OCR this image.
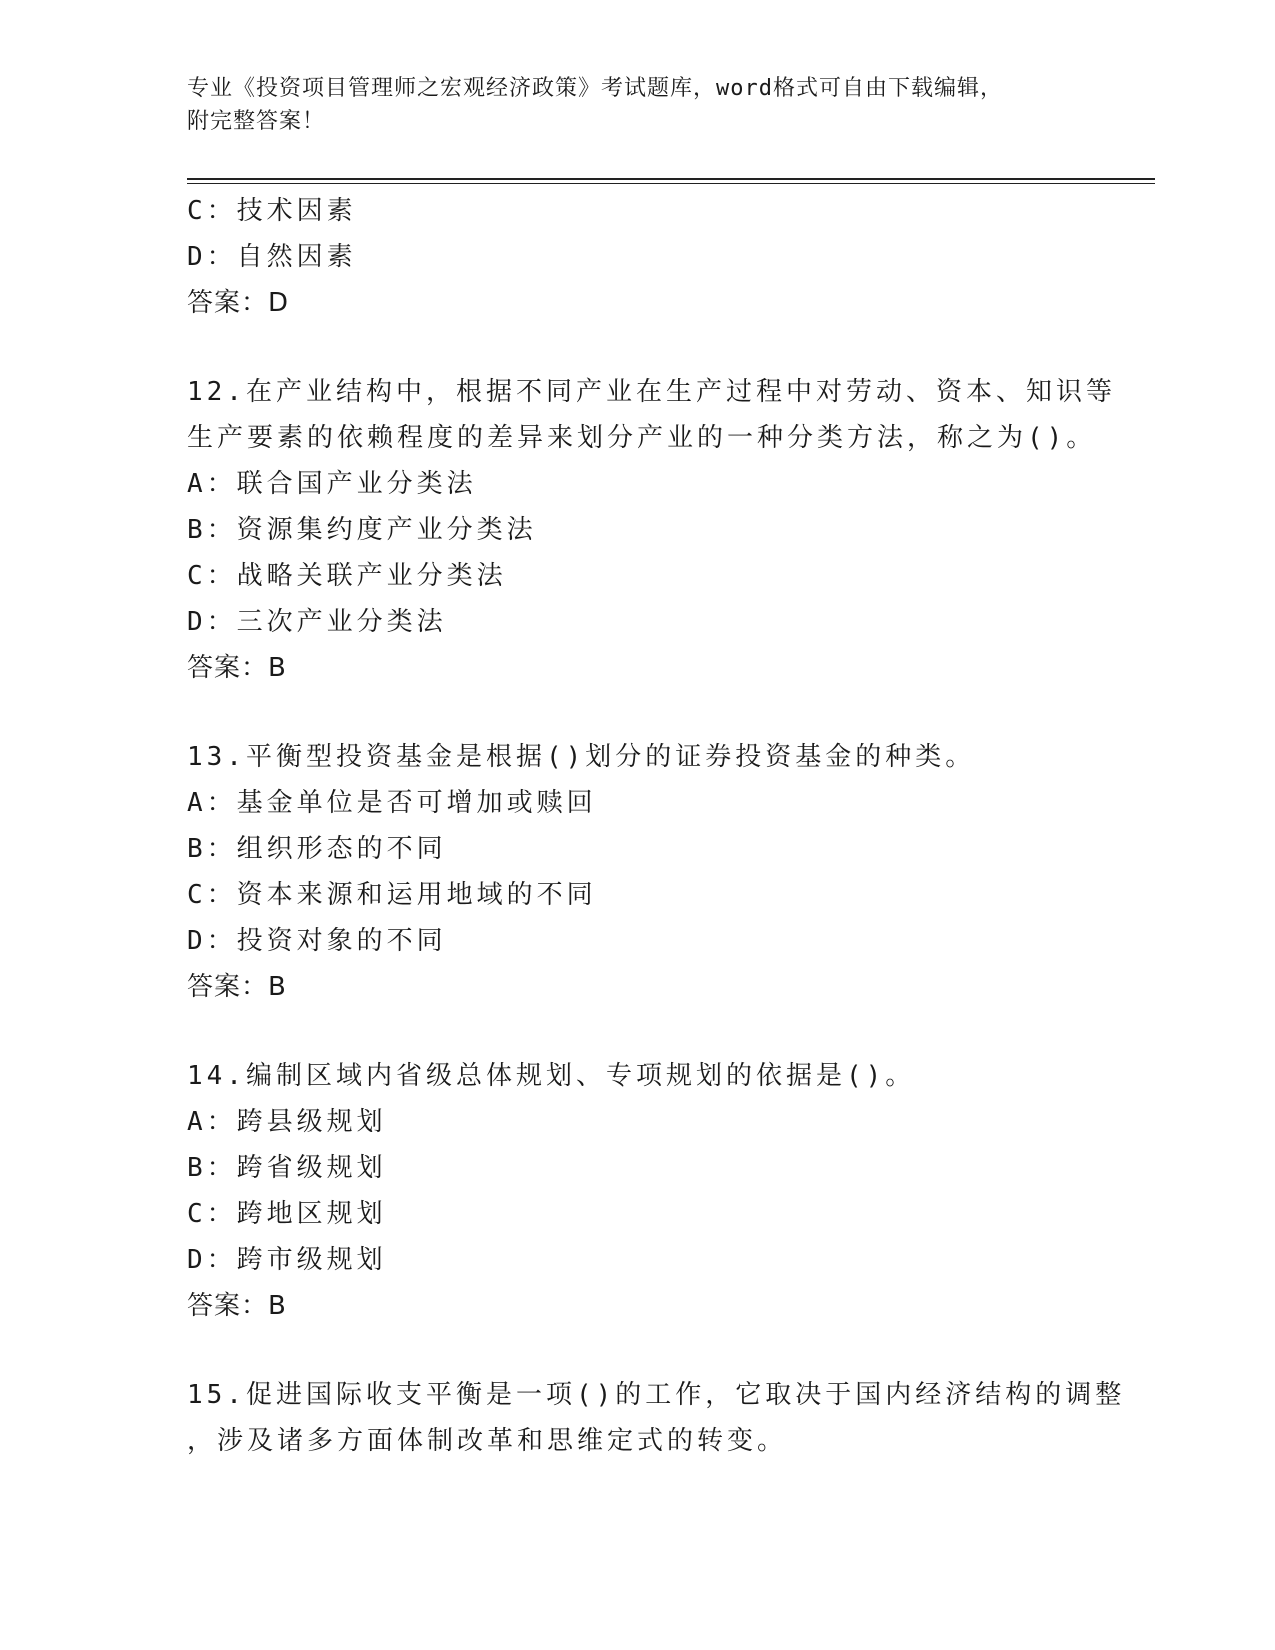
专业《投资项目管理师之宏观经济政策》考试题库，word格式可自由下载编辑，
附完整答案！
C：技术因素
D：自然因素
答案：D
12.在产业结构中，根据不同产业在生产过程中对劳动、资本、知识等
生产要素的依赖程度的差异来划分产业的一种分类方法，称之为()。
A：联合国产业分类法
B：资源集约度产业分类法
C：战略关联产业分类法
D：三次产业分类法
答案：B
13.平衡型投资基金是根据()划分的证券投资基金的种类。
A：基金单位是否可增加或赎回
B：组织形态的不同
C：资本来源和运用地域的不同
D：投资对象的不同
答案：B
14.编制区域内省级总体规划、专项规划的依据是()。
A：跨县级规划
B：跨省级规划
C：跨地区规划
D：跨市级规划
答案：B
15.促进国际收支平衡是一项()的工作，它取决于国内经济结构的调整
，涉及诸多方面体制改革和思维定式的转变。
